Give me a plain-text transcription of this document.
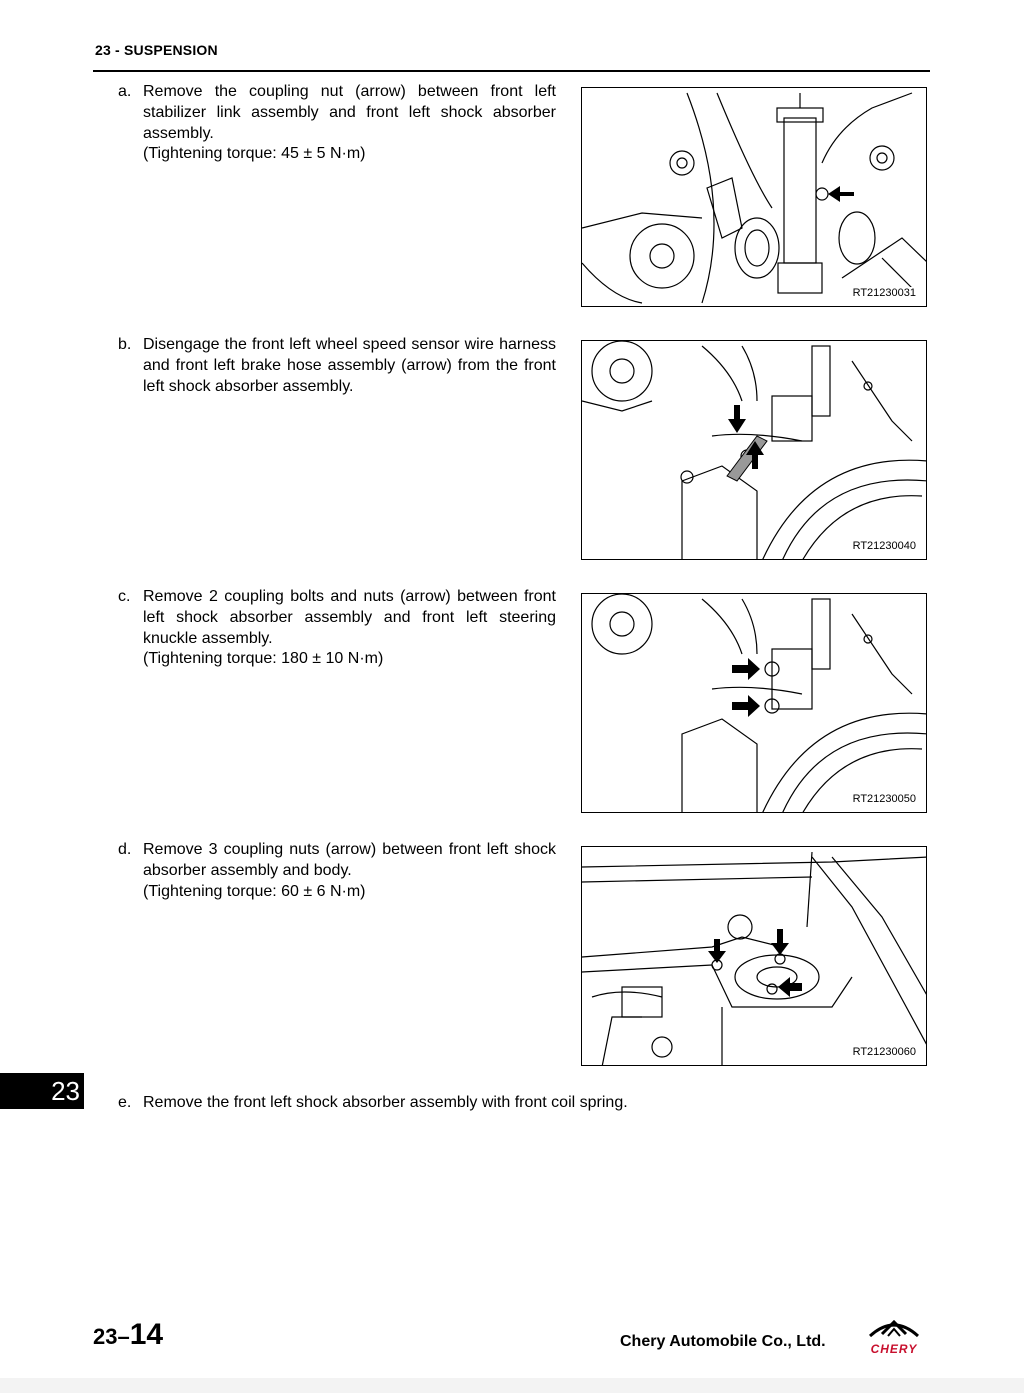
23 - SUSPENSION
a. Remove the coupling nut (arrow) between front left stabilizer link assembly and front left shock absorber assembly.
(Tightening torque: 45 ± 5 N·m)
RT21230031
b. Disengage the front left wheel speed sensor wire harness and front left brake hose assembly (arrow) from the front left shock absorber assembly.
RT21230040
c. Remove 2 coupling bolts and nuts (arrow) between front left shock absorber assembly and front left steering knuckle assembly.
(Tightening torque: 180 ± 10 N·m)
RT21230050
d. Remove 3 coupling nuts (arrow) between front left shock absorber assembly and body.
(Tightening torque: 60 ± 6 N·m)
RT21230060
e. Remove the front left shock absorber assembly with front coil spring.
23
23–14	Chery Automobile Co., Ltd.	CHERY
